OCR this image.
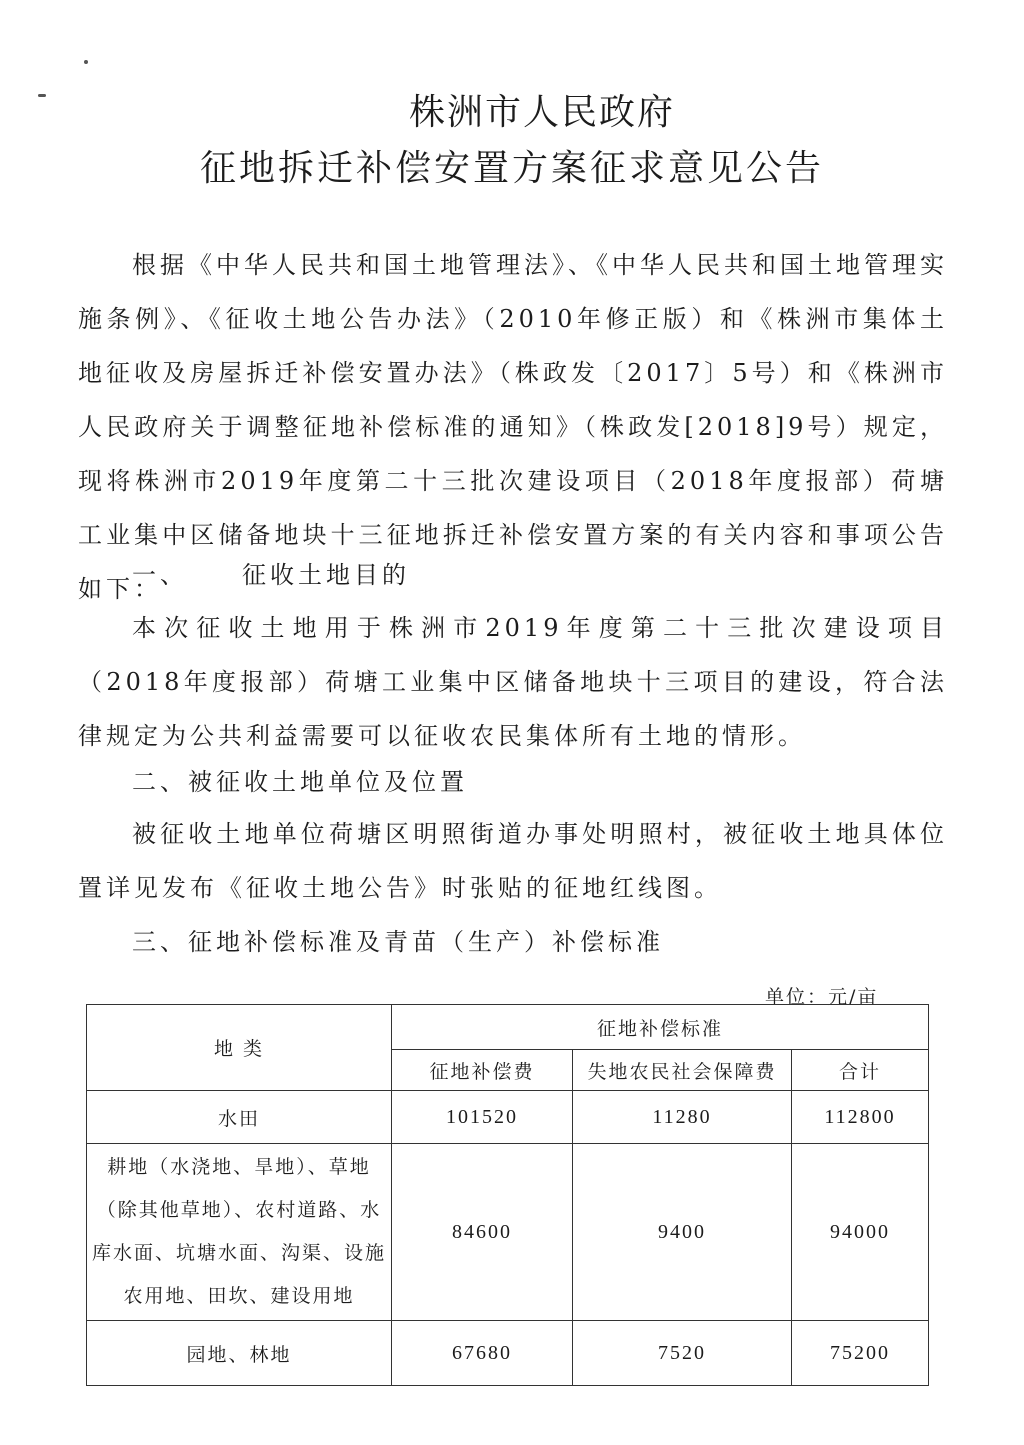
株洲市人民政府
征地拆迁补偿安置方案征求意见公告

根据《中华人民共和国土地管理法》、《中华人民共和国土地管理实施条例》、《征收土地公告办法》（2010年修正版）和《株洲市集体土地征收及房屋拆迁补偿安置办法》（株政发〔2017〕5号）和《株洲市人民政府关于调整征地补偿标准的通知》（株政发[2018]9号）规定，现将株洲市2019年度第二十三批次建设项目（2018年度报部）荷塘工业集中区储备地块十三征地拆迁补偿安置方案的有关内容和事项公告如下：

一、 征收土地目的

本次征收土地用于株洲市2019年度第二十三批次建设项目（2018年度报部）荷塘工业集中区储备地块十三项目的建设，符合法律规定为公共利益需要可以征收农民集体所有土地的情形。

二、被征收土地单位及位置

被征收土地单位荷塘区明照街道办事处明照村，被征收土地具体位置详见发布《征收土地公告》时张贴的征地红线图。

三、征地补偿标准及青苗（生产）补偿标准
单位：元/亩
地 类	征地补偿标准		
	征地补偿费	失地农民社会保障费	合计
水田	101520	11280	112800
耕地（水浇地、旱地）、草地（除其他草地）、农村道路、水库水面、坑塘水面、沟渠、设施农用地、田坎、建设用地	84600	9400	94000
园地、林地	67680	7520	75200
